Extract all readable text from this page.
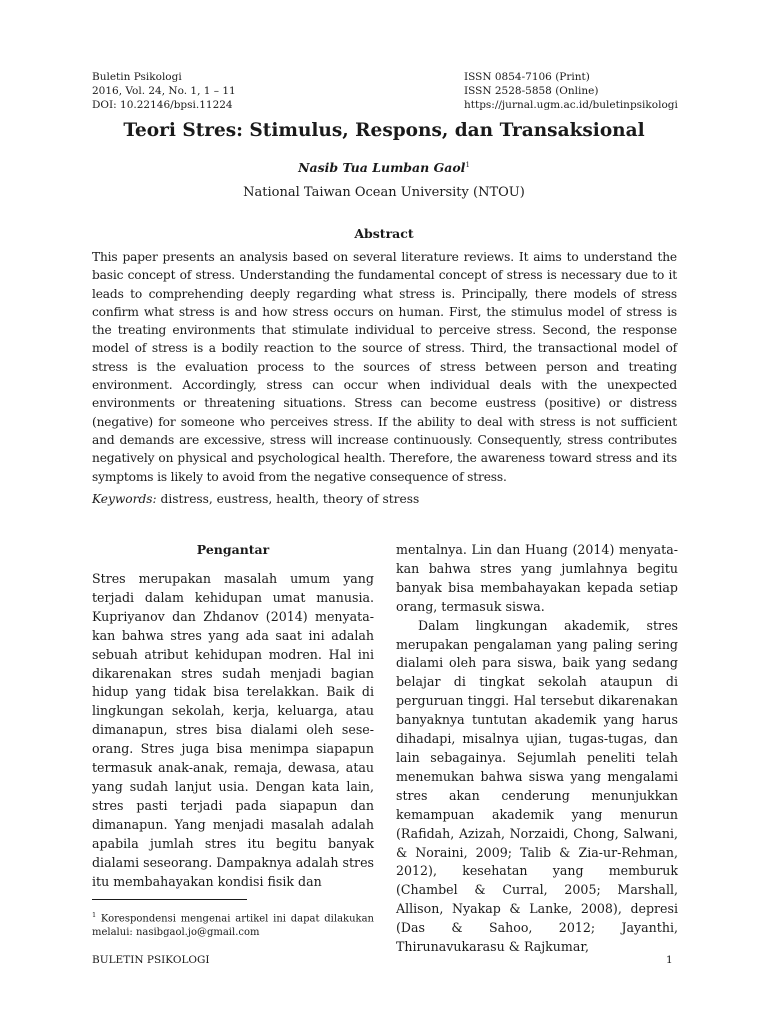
Buletin Psikologi
2016, Vol. 24, No. 1, 1 – 11
DOI: 10.22146/bpsi.11224
ISSN 0854-7106 (Print)
ISSN 2528-5858 (Online)
https://jurnal.ugm.ac.id/buletinpsikologi
Teori Stres: Stimulus, Respons, dan Transaksional
Nasib Tua Lumban Gaol$^1$
National Taiwan Ocean University (NTOU)
Abstract
This paper presents an analysis based on several literature reviews. It aims to understand the basic concept of stress. Understanding the fundamental concept of stress is necessary due to it leads to comprehending deeply regarding what stress is. Principally, there models of stress confirm what stress is and how stress occurs on human. First, the stimulus model of stress is the treating environments that stimulate individual to perceive stress. Second, the response model of stress is a bodily reaction to the source of stress. Third, the transactional model of stress is the evaluation process to the sources of stress between person and treating environment. Accordingly, stress can occur when individual deals with the unexpected environments or threatening situations. Stress can become eustress (positive) or distress (negative) for someone who perceives stress. If the ability to deal with stress is not sufficient and demands are excessive, stress will increase continuously. Consequently, stress contributes negatively on physical and psychological health. Therefore, the awareness toward stress and its symptoms is likely to avoid from the negative consequence of stress.
Keywords: distress, eustress, health, theory of stress
Pengantar

Stres merupakan masalah umum yang terjadi dalam kehidupan umat manusia. Kupriyanov dan Zhdanov (2014) menyatakan bahwa stres yang ada saat ini adalah sebuah atribut kehidupan modren. Hal ini dikarenakan stres sudah menjadi bagian hidup yang tidak bisa terelakkan. Baik di lingkungan sekolah, kerja, keluarga, atau dimanapun, stres bisa dialami oleh seseorang. Stres juga bisa menimpa siapapun termasuk anak-anak, remaja, dewasa, atau yang sudah lanjut usia. Dengan kata lain, stres pasti terjadi pada siapapun dan dimanapun. Yang menjadi masalah adalah apabila jumlah stres itu begitu banyak dialami seseorang. Dampaknya adalah stres itu membahayakan kondisi fisik dan

mentalnya. Lin dan Huang (2014) menyatakan bahwa stres yang jumlahnya begitu banyak bisa membahayakan kepada setiap orang, termasuk siswa.

Dalam lingkungan akademik, stres merupakan pengalaman yang paling sering dialami oleh para siswa, baik yang sedang belajar di tingkat sekolah ataupun di perguruan tinggi. Hal tersebut dikarenakan banyaknya tuntutan akademik yang harus dihadapi, misalnya ujian, tugas-tugas, dan lain sebagainya. Sejumlah peneliti telah menemukan bahwa siswa yang mengalami stres akan cenderung menunjukkan kemampuan akademik yang menurun (Rafidah, Azizah, Norzaidi, Chong, Salwani, & Noraini, 2009; Talib & Zia-ur-Rehman, 2012), kesehatan yang memburuk (Chambel & Curral, 2005; Marshall, Allison, Nyakap & Lanke, 2008), depresi (Das & Sahoo, 2012; Jayanthi, Thirunavukarasu & Rajkumar,

$^1$ Korespondensi mengenai artikel ini dapat dilakukan melalui: nasibgaol.jo@gmail.com
BULETIN PSIKOLOGI	1
